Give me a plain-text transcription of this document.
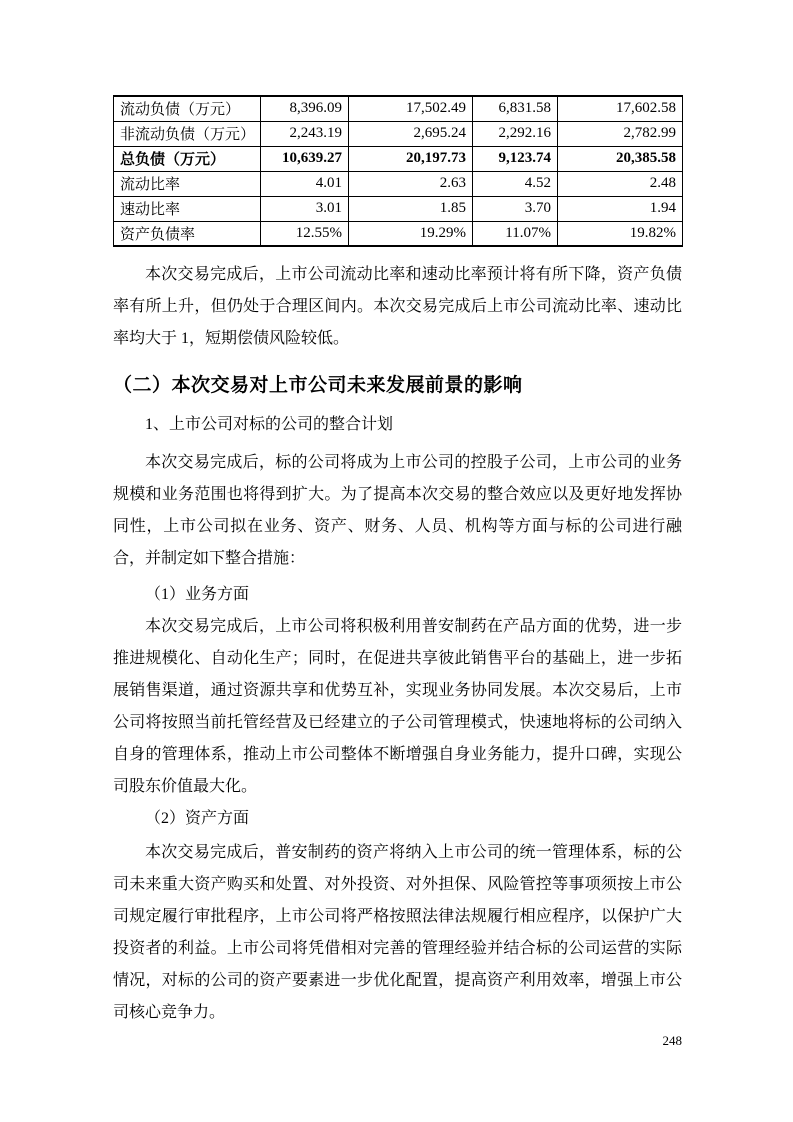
流动负债（万元）	8,396.09	17,502.49	6,831.58	17,602.58
非流动负债（万元）	2,243.19	2,695.24	2,292.16	2,782.99
总负债（万元）	10,639.27	20,197.73	9,123.74	20,385.58
流动比率	4.01	2.63	4.52	2.48
速动比率	3.01	1.85	3.70	1.94
资产负债率	12.55%	19.29%	11.07%	19.82%

本次交易完成后，上市公司流动比率和速动比率预计将有所下降，资产负债率有所上升，但仍处于合理区间内。本次交易完成后上市公司流动比率、速动比率均大于 1，短期偿债风险较低。

（二）本次交易对上市公司未来发展前景的影响

1、上市公司对标的公司的整合计划

本次交易完成后，标的公司将成为上市公司的控股子公司，上市公司的业务规模和业务范围也将得到扩大。为了提高本次交易的整合效应以及更好地发挥协同性，上市公司拟在业务、资产、财务、人员、机构等方面与标的公司进行融合，并制定如下整合措施：

（1）业务方面

本次交易完成后，上市公司将积极利用普安制药在产品方面的优势，进一步推进规模化、自动化生产；同时，在促进共享彼此销售平台的基础上，进一步拓展销售渠道，通过资源共享和优势互补，实现业务协同发展。本次交易后，上市公司将按照当前托管经营及已经建立的子公司管理模式，快速地将标的公司纳入自身的管理体系，推动上市公司整体不断增强自身业务能力，提升口碑，实现公司股东价值最大化。

（2）资产方面

本次交易完成后，普安制药的资产将纳入上市公司的统一管理体系，标的公司未来重大资产购买和处置、对外投资、对外担保、风险管控等事项须按上市公司规定履行审批程序，上市公司将严格按照法律法规履行相应程序，以保护广大投资者的利益。上市公司将凭借相对完善的管理经验并结合标的公司运营的实际情况，对标的公司的资产要素进一步优化配置，提高资产利用效率，增强上市公司核心竞争力。

248
